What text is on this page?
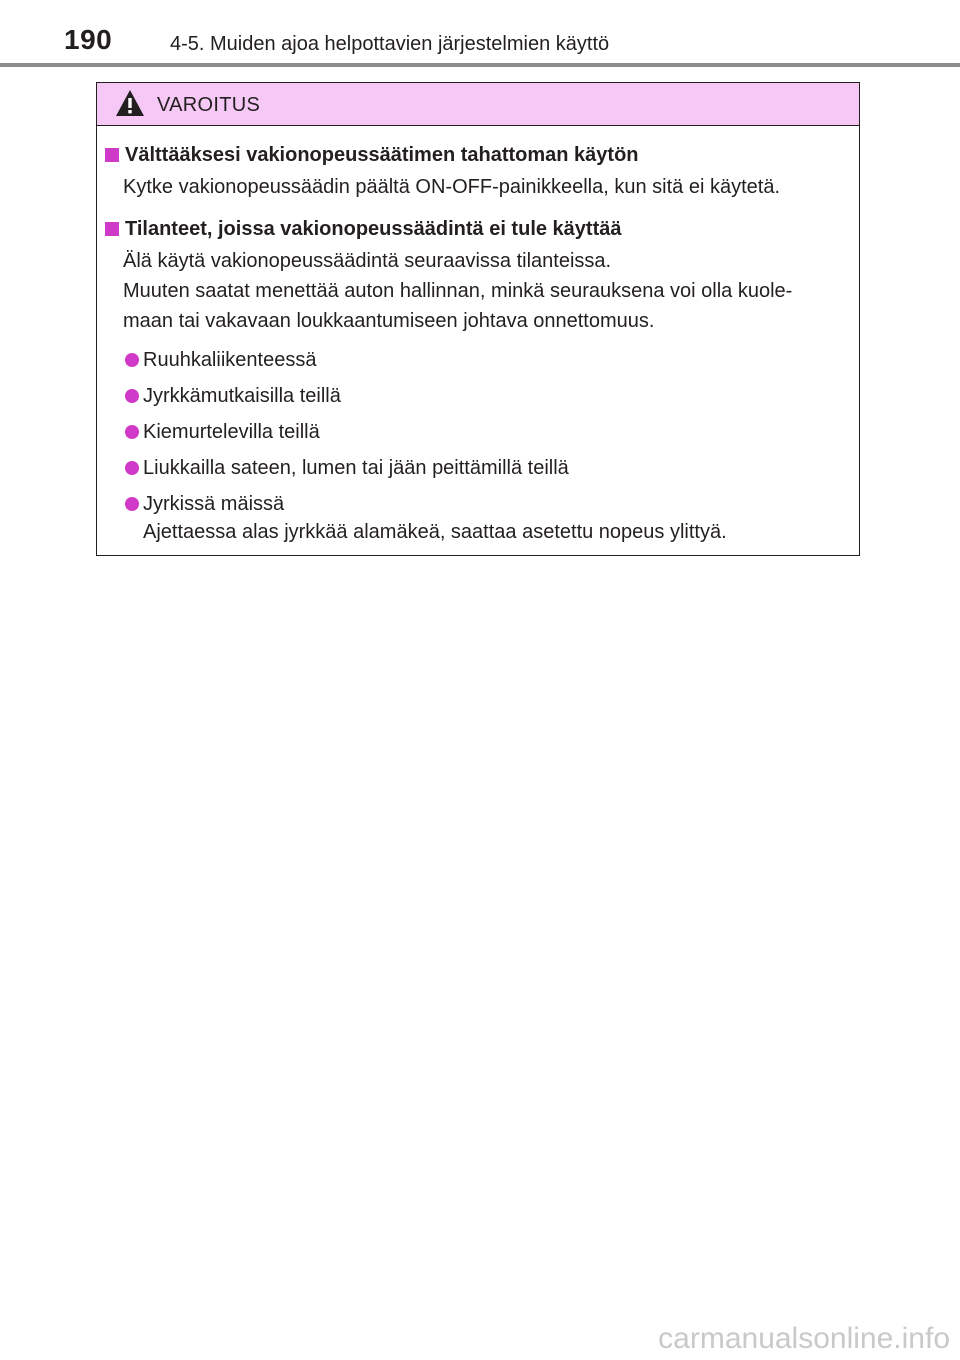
190	4-5. Muiden ajoa helpottavien järjestelmien käyttö
VAROITUS
Välttääksesi vakionopeussäätimen tahattoman käytön
Kytke vakionopeussäädin päältä ON-OFF-painikkeella, kun sitä ei käytetä.
Tilanteet, joissa vakionopeussäädintä ei tule käyttää
Älä käytä vakionopeussäädintä seuraavissa tilanteissa.
Muuten saatat menettää auton hallinnan, minkä seurauksena voi olla kuole-
maan tai vakavaan loukkaantumiseen johtava onnettomuus.
Ruuhkaliikenteessä
Jyrkkämutkaisilla teillä
Kiemurtelevilla teillä
Liukkailla sateen, lumen tai jään peittämillä teillä
Jyrkissä mäissä
Ajettaessa alas jyrkkää alamäkeä, saattaa asetettu nopeus ylittyä.
carmanualsonline.info
